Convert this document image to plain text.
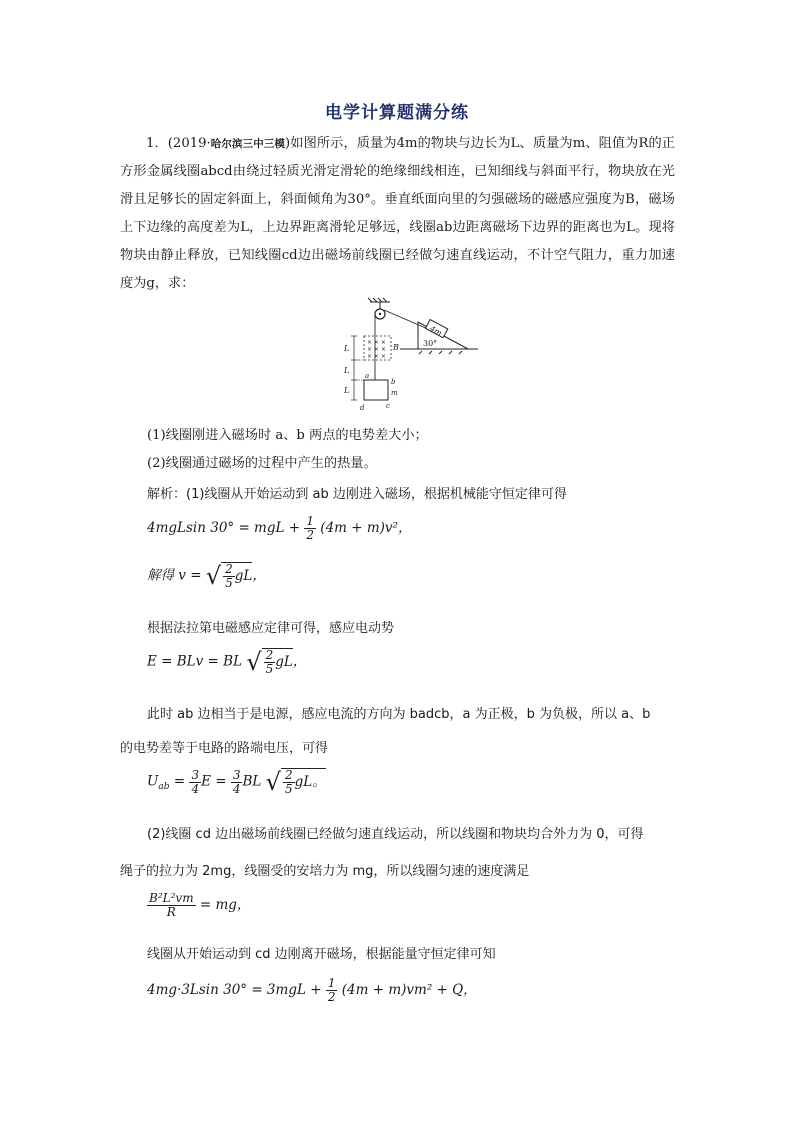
电学计算题满分练
1．(2019·哈尔滨三中三模)如图所示，质量为4m的物块与边长为L、质量为m、阻值为R的正方形金属线圈abcd由绕过轻质光滑定滑轮的绝缘细线相连，已知细线与斜面平行，物块放在光滑且足够长的固定斜面上，斜面倾角为30°。垂直纸面向里的匀强磁场的磁感应强度为B，磁场上下边缘的高度差为L，上边界距离滑轮足够远，线圈ab边距离磁场下边界的距离也为L。现将物块由静止释放，已知线圈cd边出磁场前线圈已经做匀速直线运动，不计空气阻力，重力加速度为g，求：
4m
30°
× × ×
× × ×
× × ×
B
L
L
L
a
b
c
d
m
(1)线圈刚进入磁场时 a、b 两点的电势差大小；
(2)线圈通过磁场的过程中产生的热量。
解析：(1)线圈从开始运动到 ab 边刚进入磁场，根据机械能守恒定律可得
4mgLsin 30° = mgL + $\frac{1}{2} (4m + m)v^2$，
解得 v = √ $\frac{2}{5}$ gL，
根据法拉第电磁感应定律可得，感应电动势
E = BLv = BL √ $\frac{2}{5}$ gL，
此时 ab 边相当于是电源，感应电流的方向为 badcb，a 为正极，b 为负极，所以 a、b
的电势差等于电路的路端电压，可得
$U_{ab} = \frac{3}{4}$ $E = \frac{3}{4}$ BL √ $\frac{2}{5}$ gL。
(2)线圈 cd 边出磁场前线圈已经做匀速直线运动，所以线圈和物块均合外力为 0，可得
绳子的拉力为 2mg，线圈受的安培力为 mg，所以线圈匀速的速度满足
$\frac{\text{B²L²vm}}{R}$ = mg，
线圈从开始运动到 cd 边刚离开磁场，根据能量守恒定律可知
4mg·3Lsin $30^\circ = 3mgL + \frac{1}{2} (4m + m)vm^2 + Q$，
